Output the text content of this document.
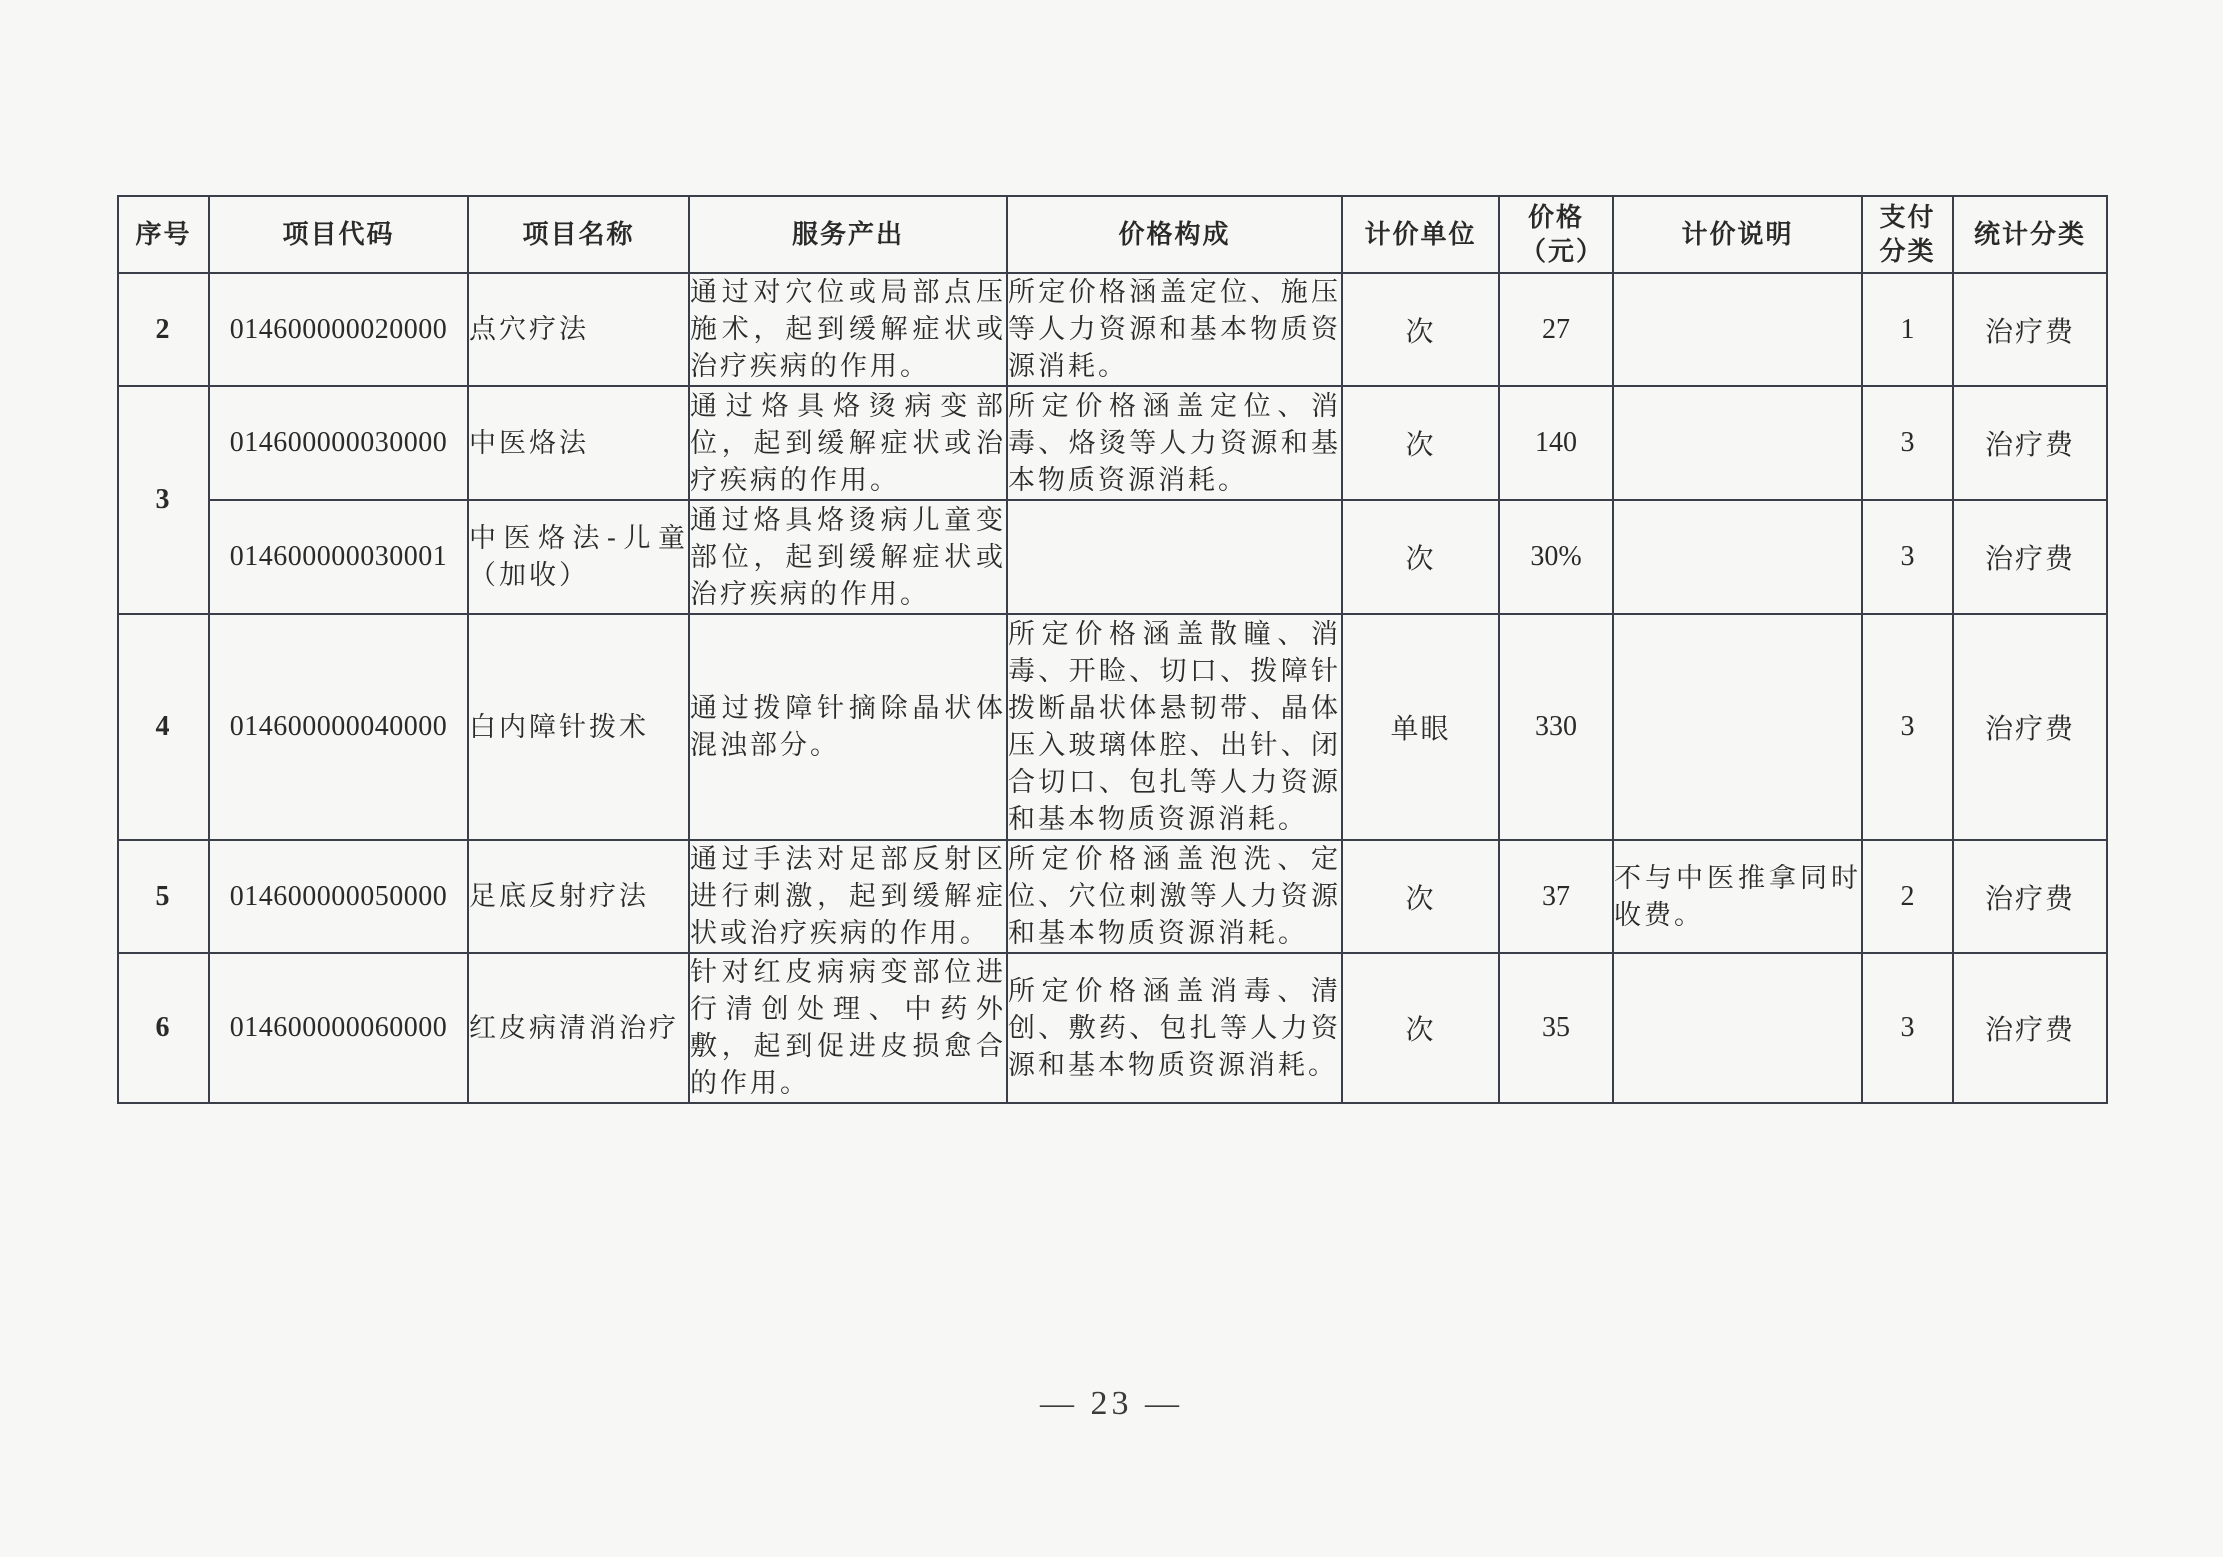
序号	项目代码	项目名称	服务产出	价格构成	计价单位	价格（元）	计价说明	支付分类	统计分类
2	014600000020000	点穴疗法	通过对穴位或局部点压施术，起到缓解症状或治疗疾病的作用。	所定价格涵盖定位、施压等人力资源和基本物质资源消耗。	次	27		1	治疗费
3	014600000030000	中医烙法	通过烙具烙烫病变部位，起到缓解症状或治疗疾病的作用。	所定价格涵盖定位、消毒、烙烫等人力资源和基本物质资源消耗。	次	140		3	治疗费
	014600000030001	中医烙法-儿童（加收）	通过烙具烙烫病儿童变部位，起到缓解症状或治疗疾病的作用。		次	30%		3	治疗费
4	014600000040000	白内障针拨术	通过拨障针摘除晶状体混浊部分。	所定价格涵盖散瞳、消毒、开睑、切口、拨障针拨断晶状体悬韧带、晶体压入玻璃体腔、出针、闭合切口、包扎等人力资源和基本物质资源消耗。	单眼	330		3	治疗费
5	014600000050000	足底反射疗法	通过手法对足部反射区进行刺激，起到缓解症状或治疗疾病的作用。	所定价格涵盖泡洗、定位、穴位刺激等人力资源和基本物质资源消耗。	次	37	不与中医推拿同时收费。	2	治疗费
6	014600000060000	红皮病清消治疗	针对红皮病病变部位进行清创处理、中药外敷，起到促进皮损愈合的作用。	所定价格涵盖消毒、清创、敷药、包扎等人力资源和基本物质资源消耗。	次	35		3	治疗费
— 23 —
